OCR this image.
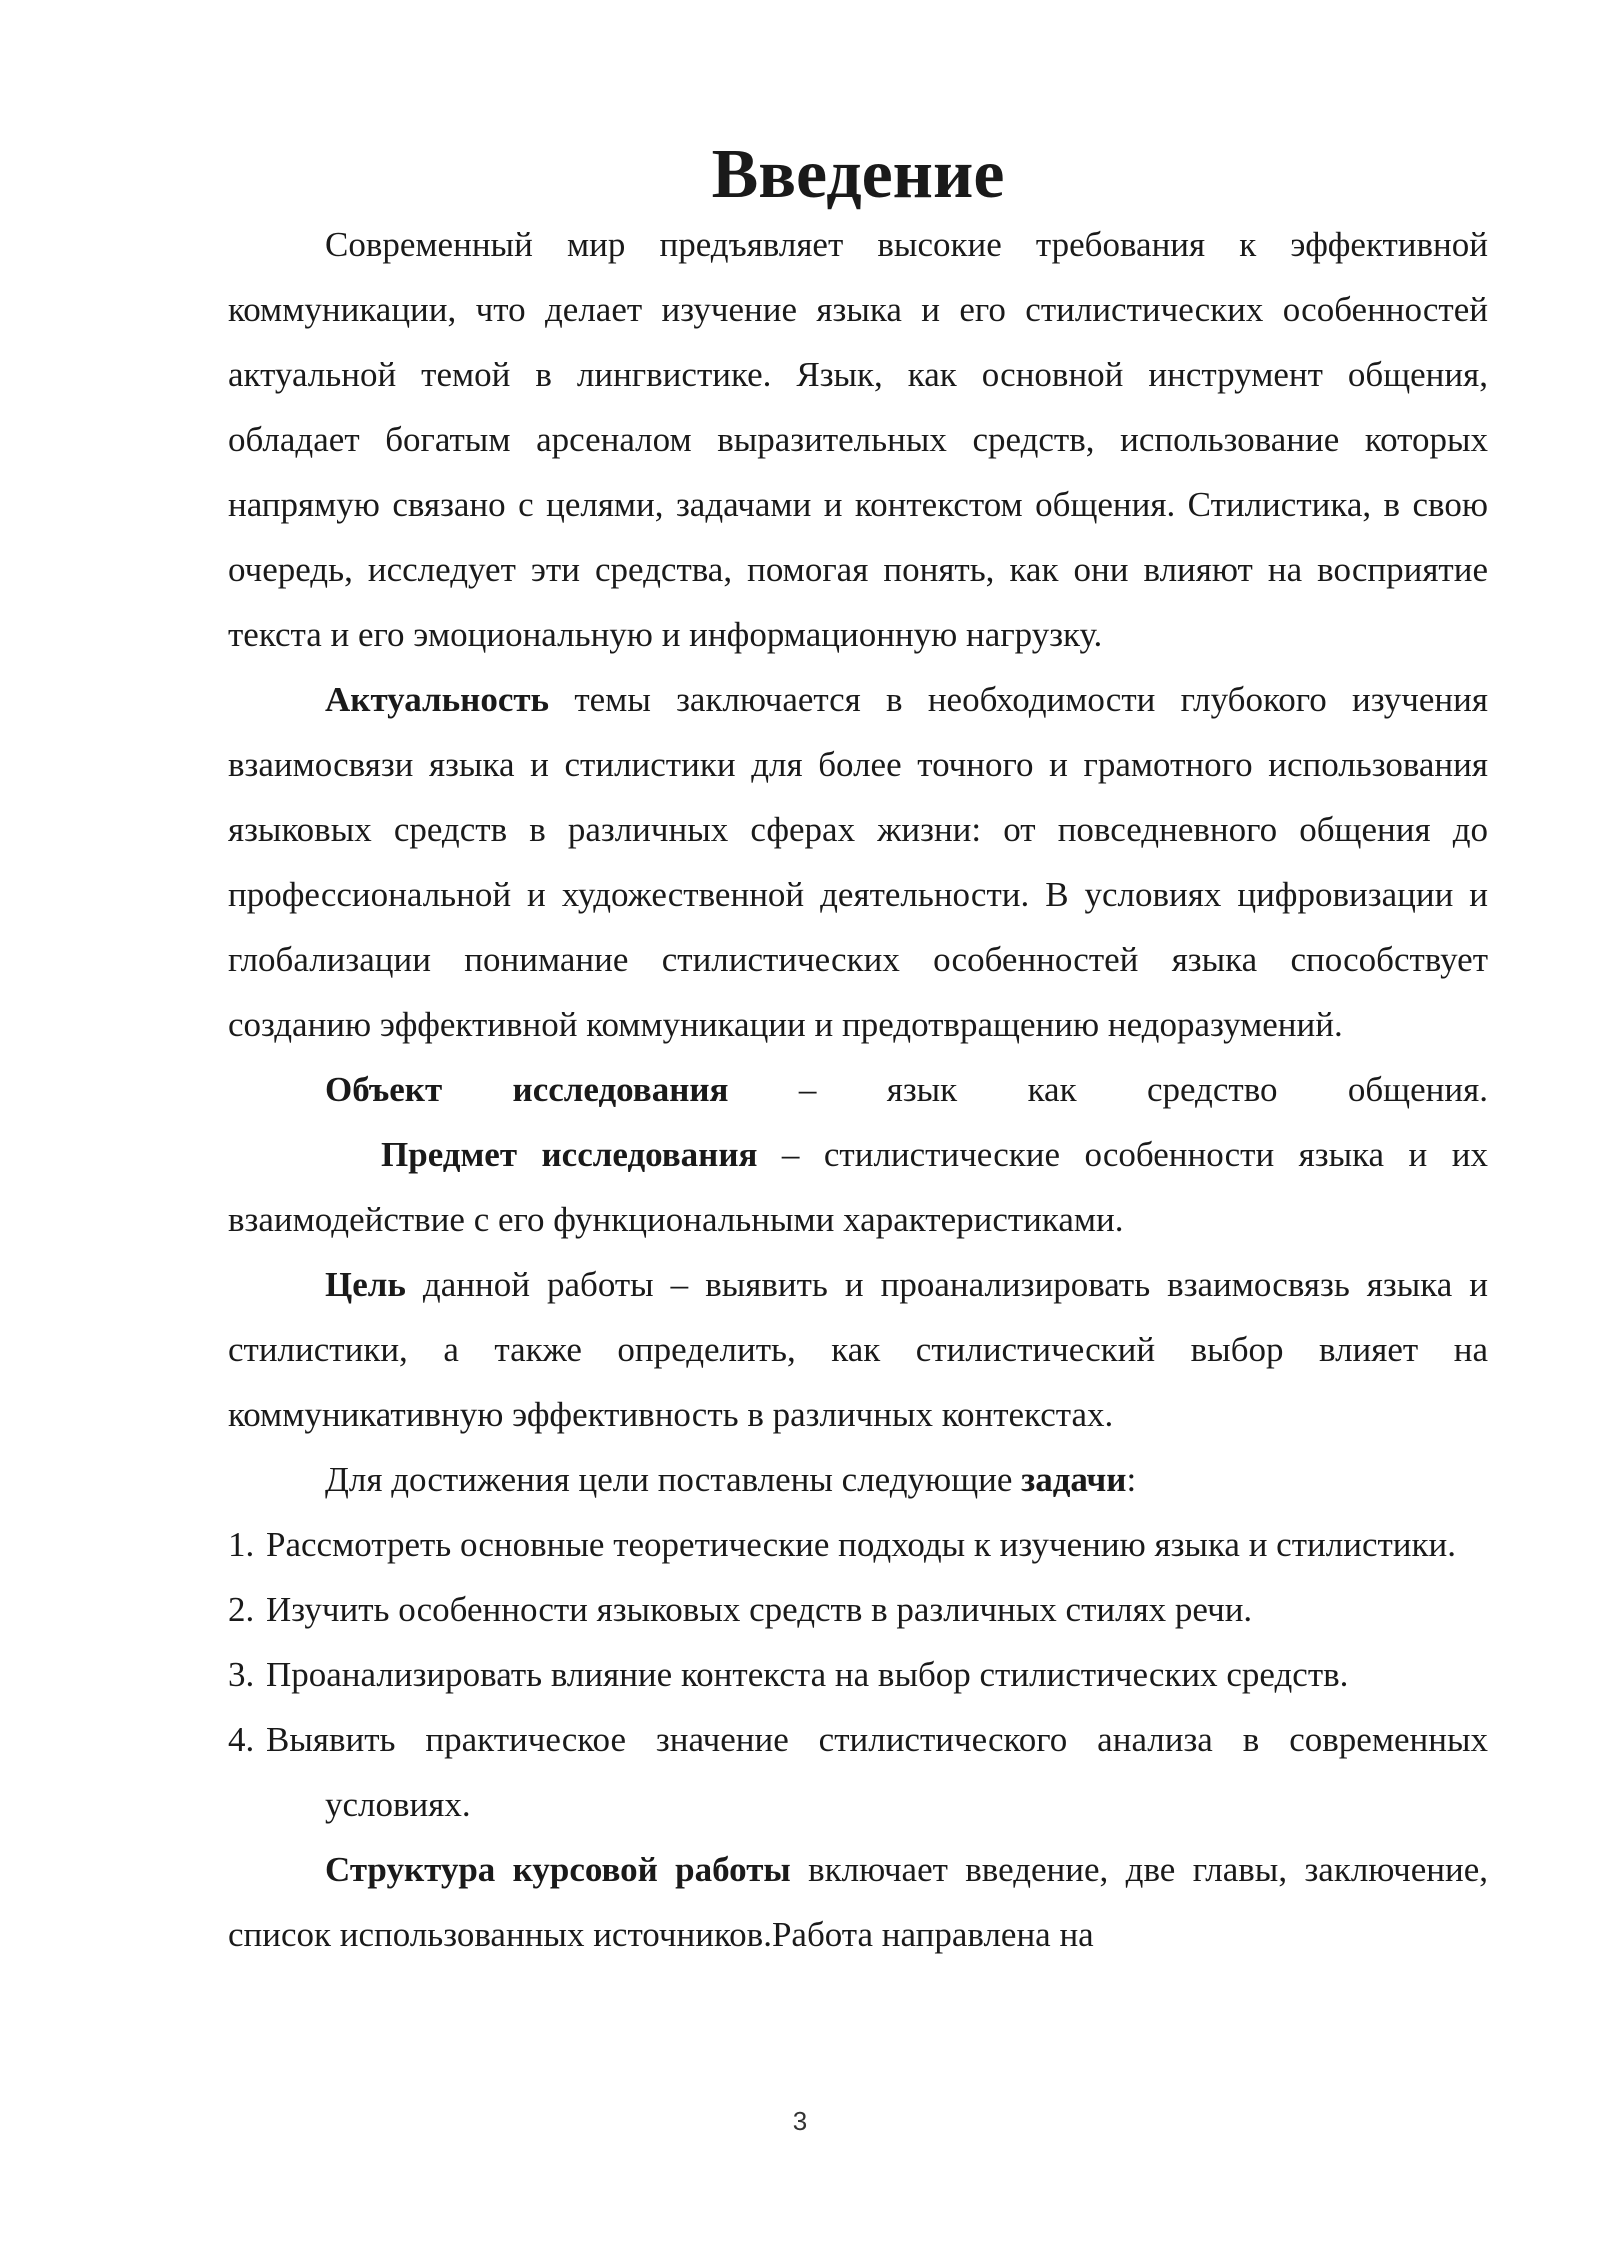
Введение

Современный мир предъявляет высокие требования к эффективной коммуникации, что делает изучение языка и его стилистических особенностей актуальной темой в лингвистике. Язык, как основной инструмент общения, обладает богатым арсеналом выразительных средств, использование которых напрямую связано с целями, задачами и контекстом общения. Стилистика, в свою очередь, исследует эти средства, помогая понять, как они влияют на восприятие текста и его эмоциональную и информационную нагрузку.

Актуальность темы заключается в необходимости глубокого изучения взаимосвязи языка и стилистики для более точного и грамотного использования языковых средств в различных сферах жизни: от повседневного общения до профессиональной и художественной деятельности. В условиях цифровизации и глобализации понимание стилистических особенностей языка способствует созданию эффективной коммуникации и предотвращению недоразумений.

Объект исследования – язык как средство общения.

Предмет исследования – стилистические особенности языка и их взаимодействие с его функциональными характеристиками.

Цель данной работы – выявить и проанализировать взаимосвязь языка и стилистики, а также определить, как стилистический выбор влияет на коммуникативную эффективность в различных контекстах.

Для достижения цели поставлены следующие задачи:

1. Рассмотреть основные теоретические подходы к изучению языка и стилистики.
2. Изучить особенности языковых средств в различных стилях речи.
3. Проанализировать влияние контекста на выбор стилистических средств.
4. Выявить практическое значение стилистического анализа в современных условиях.

Структура курсовой работы включает введение, две главы, заключение, список использованных источников.Работа направлена на

3
